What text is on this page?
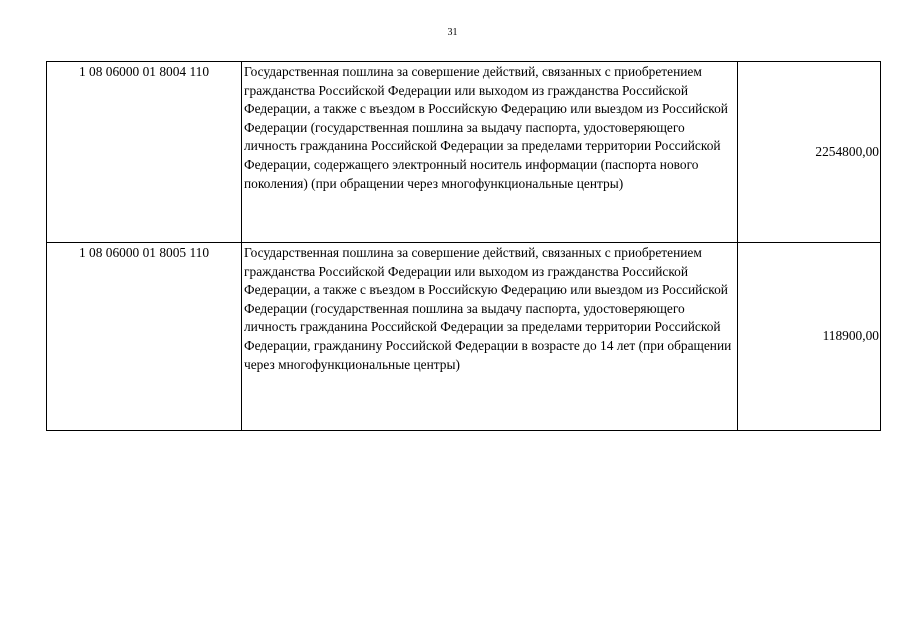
31
1 08 06000 01 8004 110	Государственная пошлина за совершение действий, связанных с приобретением гражданства Российской Федерации или выходом из гражданства Российской Федерации, а также с въездом в Российскую Федерацию или выездом из Российской Федерации (государственная пошлина за выдачу паспорта, удостоверяющего личность гражданина Российской Федерации за пределами территории Российской Федерации, содержащего электронный носитель информации (паспорта нового поколения) (при обращении через многофункциональные центры)	2254800,00
1 08 06000 01 8005 110	Государственная пошлина за совершение действий, связанных с приобретением гражданства Российской Федерации или выходом из гражданства Российской Федерации, а также с въездом в Российскую Федерацию или выездом из Российской Федерации (государственная пошлина за выдачу паспорта, удостоверяющего личность гражданина Российской Федерации за пределами территории Российской Федерации, гражданину Российской Федерации в возрасте до 14 лет (при обращении через многофункциональные центры)	118900,00
